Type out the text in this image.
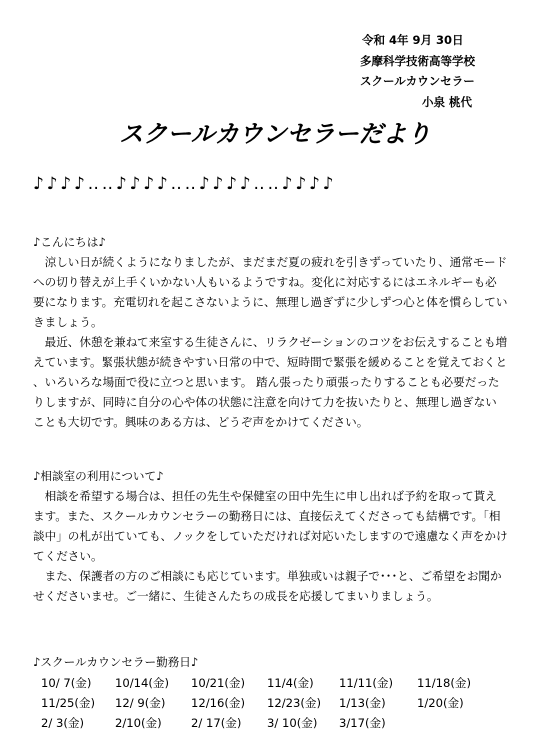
令和 4年 9月 30日
多摩科学技術高等学校
スクールカウンセラー
小泉 桃代
スクールカウンセラーだより
♪♪♪♪‥‥♪♪♪♪‥‥♪♪♪♪‥‥♪♪♪♪
♪こんにちは♪

涼しい日が続くようになりましたが、まだまだ夏の疲れを引きずっていたり、通常モードへの切り替えが上手くいかない人もいるようですね。変化に対応するにはエネルギーも必要になります。充電切れを起こさないように、無理し過ぎずに少しずつ心と体を慣らしていきましょう。

最近、休憩を兼ねて来室する生徒さんに、リラクゼーションのコツをお伝えすることも増えています。緊張状態が続きやすい日常の中で、短時間で緊張を緩めることを覚えておくと、いろいろな場面で役に立つと思います。 踏ん張ったり頑張ったりすることも必要だったりしますが、同時に自分の心や体の状態に注意を向けて力を抜いたりと、無理し過ぎないことも大切です。興味のある方は、どうぞ声をかけてください。

♪相談室の利用について♪

相談を希望する場合は、担任の先生や保健室の田中先生に申し出れば予約を取って貰えます。また、スクールカウンセラーの勤務日には、直接伝えてくださっても結構です。「相談中」の札が出ていても、ノックをしていただければ対応いたしますので遠慮なく声をかけてください。

また、保護者の方のご相談にも応じています。単独或いは親子で･･･と、ご希望をお聞かせくださいませ。ご一緒に、生徒さんたちの成長を応援してまいりましょう。

♪スクールカウンセラー勤務日♪
10/ 7(金)	10/14(金)	10/21(金)	11/4(金)	11/11(金)	11/18(金)
11/25(金)	12/ 9(金)	12/16(金)	12/23(金)	1/13(金)	1/20(金)
2/ 3(金)	2/10(金)	2/ 17(金)	3/ 10(金)	3/17(金)	
